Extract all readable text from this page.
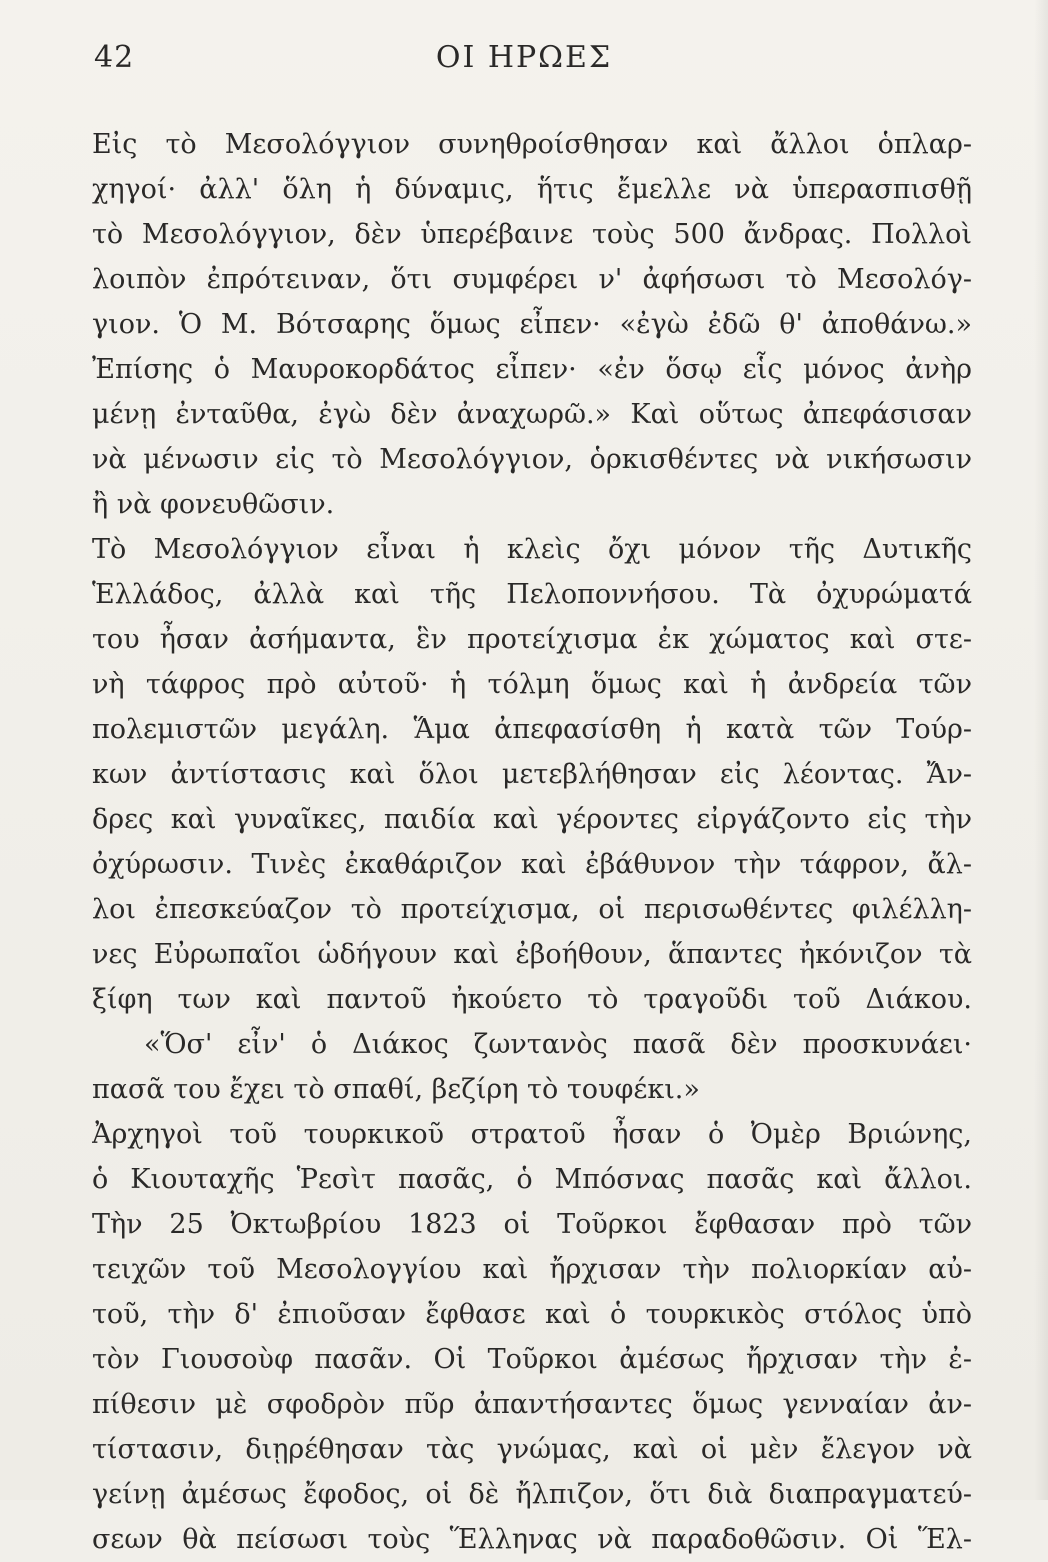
42	ΟΙ ΗΡΩΕΣ
Εἰς τὸ Μεσολόγγιον συνηθροίσθησαν καὶ ἄλλοι ὁπλαρ-
χηγοί· ἀλλ' ὅλη ἡ δύναμις, ἥτις ἔμελλε νὰ ὑπερασπισθῇ
τὸ Μεσολόγγιον, δὲν ὑπερέβαινε τοὺς 500 ἄνδρας. Πολλοὶ
λοιπὸν ἐπρότειναν, ὅτι συμφέρει ν' ἀφήσωσι τὸ Μεσολόγ-
γιον. Ὁ Μ. Βότσαρης ὅμως εἶπεν· «ἐγὼ ἐδῶ θ' ἀποθάνω.»
Ἐπίσης ὁ Μαυροκορδάτος εἶπεν· «ἐν ὅσῳ εἷς μόνος ἀνὴρ
μένῃ ἐνταῦθα, ἐγὼ δὲν ἀναχωρῶ.» Καὶ οὕτως ἀπεφάσισαν
νὰ μένωσιν εἰς τὸ Μεσολόγγιον, ὁρκισθέντες νὰ νικήσωσιν
ἢ νὰ φονευθῶσιν.
Τὸ Μεσολόγγιον εἶναι ἡ κλεὶς ὄχι μόνον τῆς Δυτικῆς
Ἑλλάδος, ἀλλὰ καὶ τῆς Πελοποννήσου. Τὰ ὀχυρώματά
του ἦσαν ἀσήμαντα, ἓν προτείχισμα ἐκ χώματος καὶ στε-
νὴ τάφρος πρὸ αὐτοῦ· ἡ τόλμη ὅμως καὶ ἡ ἀνδρεία τῶν
πολεμιστῶν μεγάλη. Ἅμα ἀπεφασίσθη ἡ κατὰ τῶν Τούρ-
κων ἀντίστασις καὶ ὅλοι μετεβλήθησαν εἰς λέοντας. Ἄν-
δρες καὶ γυναῖκες, παιδία καὶ γέροντες εἰργάζοντο εἰς τὴν
ὀχύρωσιν. Τινὲς ἐκαθάριζον καὶ ἐβάθυνον τὴν τάφρον, ἄλ-
λοι ἐπεσκεύαζον τὸ προτείχισμα, οἱ περισωθέντες φιλέλλη-
νες Εὐρωπαῖοι ὡδήγουν καὶ ἐβοήθουν, ἅπαντες ἠκόνιζον τὰ
ξίφη των καὶ παντοῦ ἠκούετο τὸ τραγοῦδι τοῦ Διάκου.
«Ὅσ' εἶν' ὁ Διάκος ζωντανὸς πασᾶ δὲν προσκυνάει·
πασᾶ του ἔχει τὸ σπαθί, βεζίρη τὸ τουφέκι.»
Ἀρχηγοὶ τοῦ τουρκικοῦ στρατοῦ ἦσαν ὁ Ὀμὲρ Βριώνης,
ὁ Κιουταχῆς Ῥεσὶτ πασᾶς, ὁ Μπόσνας πασᾶς καὶ ἄλλοι.
Τὴν 25 Ὀκτωβρίου 1823 οἱ Τοῦρκοι ἔφθασαν πρὸ τῶν
τειχῶν τοῦ Μεσολογγίου καὶ ἤρχισαν τὴν πολιορκίαν αὐ-
τοῦ, τὴν δ' ἐπιοῦσαν ἔφθασε καὶ ὁ τουρκικὸς στόλος ὑπὸ
τὸν Γιουσοὺφ πασᾶν. Οἱ Τοῦρκοι ἀμέσως ἤρχισαν τὴν ἐ-
πίθεσιν μὲ σφοδρὸν πῦρ ἀπαντήσαντες ὅμως γενναίαν ἀν-
τίστασιν, διῃρέθησαν τὰς γνώμας, καὶ οἱ μὲν ἔλεγον νὰ
γείνῃ ἀμέσως ἔφοδος, οἱ δὲ ἤλπιζον, ὅτι διὰ διαπραγματεύ-
σεων θὰ πείσωσι τοὺς Ἕλληνας νὰ παραδοθῶσιν. Οἱ Ἕλ-
